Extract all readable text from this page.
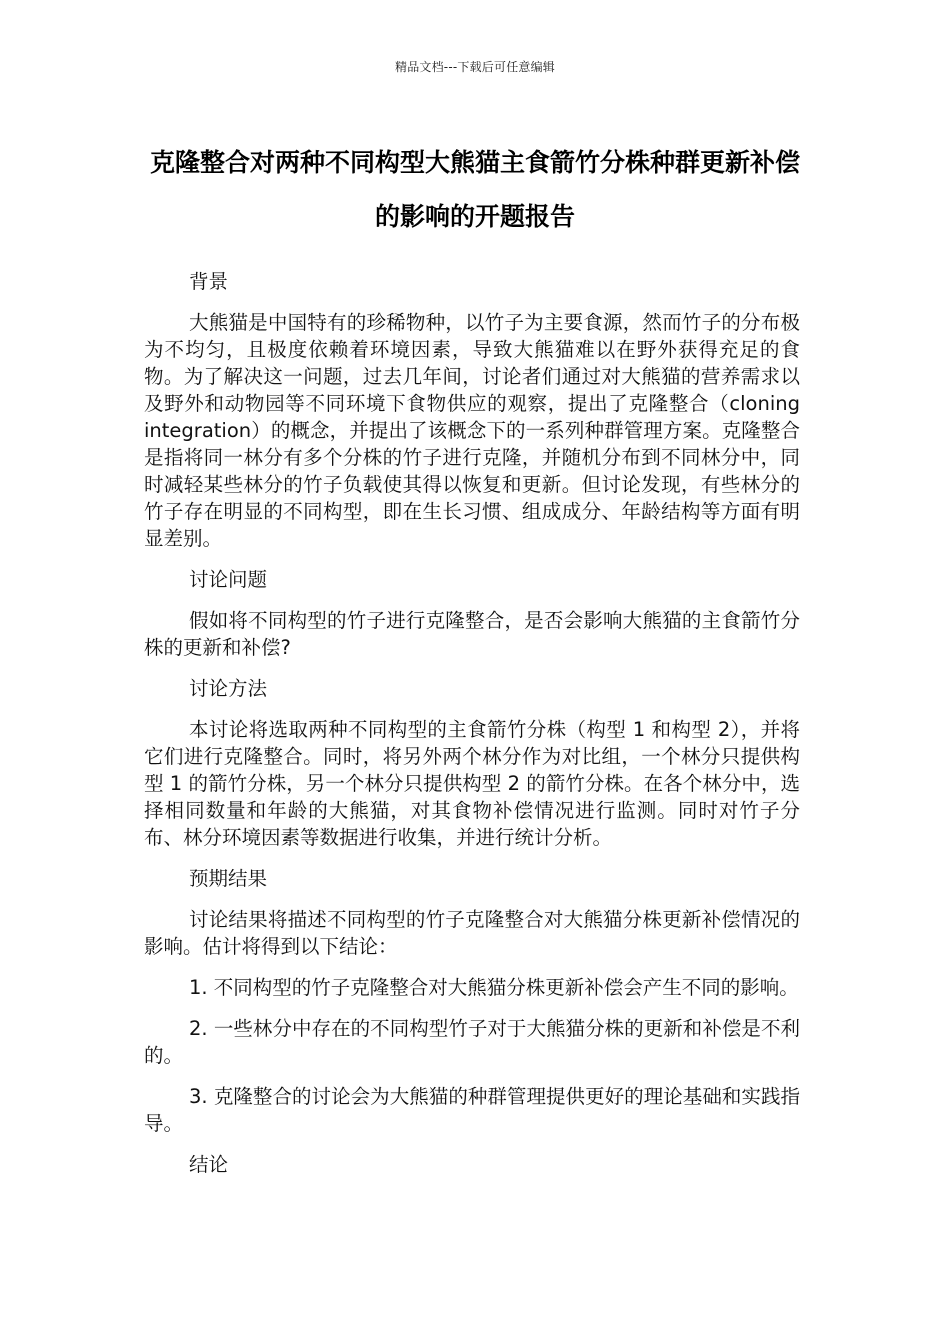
精品文档---下载后可任意编辑
克隆整合对两种不同构型大熊猫主食箭竹分株种群更新补偿的影响的开题报告

背景

大熊猫是中国特有的珍稀物种，以竹子为主要食源，然而竹子的分布极为不均匀，且极度依赖着环境因素，导致大熊猫难以在野外获得充足的食物。为了解决这一问题，过去几年间，讨论者们通过对大熊猫的营养需求以及野外和动物园等不同环境下食物供应的观察，提出了克隆整合（cloning integration）的概念，并提出了该概念下的一系列种群管理方案。克隆整合是指将同一林分有多个分株的竹子进行克隆，并随机分布到不同林分中，同时减轻某些林分的竹子负载使其得以恢复和更新。但讨论发现，有些林分的竹子存在明显的不同构型，即在生长习惯、组成成分、年龄结构等方面有明显差别。

讨论问题

假如将不同构型的竹子进行克隆整合，是否会影响大熊猫的主食箭竹分株的更新和补偿?

讨论方法

本讨论将选取两种不同构型的主食箭竹分株（构型 1 和构型 2），并将它们进行克隆整合。同时，将另外两个林分作为对比组，一个林分只提供构型 1 的箭竹分株，另一个林分只提供构型 2 的箭竹分株。在各个林分中，选择相同数量和年龄的大熊猫，对其食物补偿情况进行监测。同时对竹子分布、林分环境因素等数据进行收集，并进行统计分析。

预期结果

讨论结果将描述不同构型的竹子克隆整合对大熊猫分株更新补偿情况的影响。估计将得到以下结论：

1. 不同构型的竹子克隆整合对大熊猫分株更新补偿会产生不同的影响。

2. 一些林分中存在的不同构型竹子对于大熊猫分株的更新和补偿是不利的。

3. 克隆整合的讨论会为大熊猫的种群管理提供更好的理论基础和实践指导。

结论
